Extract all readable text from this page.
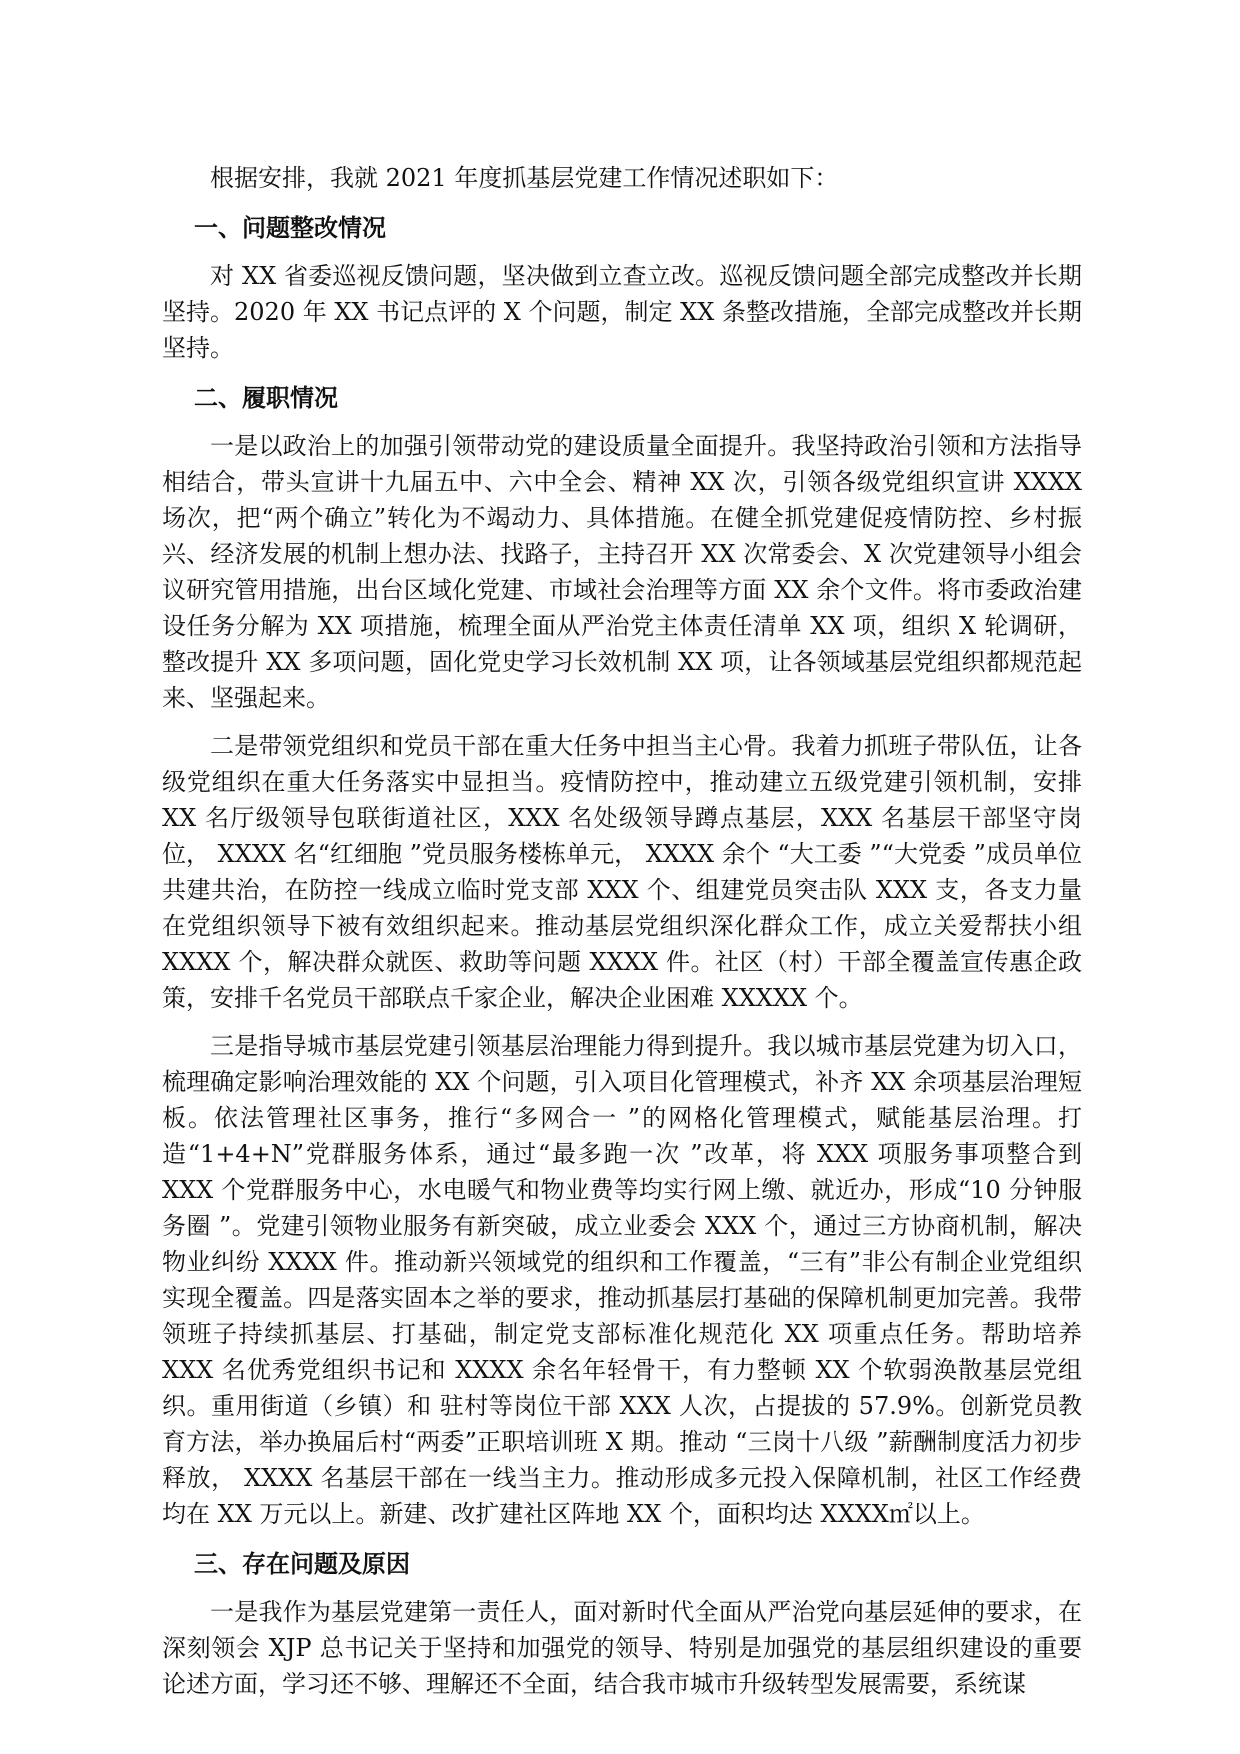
根据安排，我就 2021 年度抓基层党建工作情况述职如下：

一、问题整改情况

对 XX 省委巡视反馈问题，坚决做到立查立改。巡视反馈问题全部完成整改并长期坚持。2020 年 XX 书记点评的 X 个问题，制定 XX 条整改措施，全部完成整改并长期坚持。

二、履职情况

一是以政治上的加强引领带动党的建设质量全面提升。我坚持政治引领和方法指导相结合，带头宣讲十九届五中、六中全会、精神 XX 次，引领各级党组织宣讲 XXXX 场次，把“两个确立”转化为不竭动力、具体措施。在健全抓党建促疫情防控、乡村振兴、经济发展的机制上想办法、找路子，主持召开 XX 次常委会、X 次党建领导小组会议研究管用措施，出台区域化党建、市域社会治理等方面 XX 余个文件。将市委政治建设任务分解为 XX 项措施，梳理全面从严治党主体责任清单 XX 项，组织 X 轮调研，整改提升 XX 多项问题，固化党史学习长效机制 XX 项，让各领域基层党组织都规范起来、坚强起来。

二是带领党组织和党员干部在重大任务中担当主心骨。我着力抓班子带队伍，让各级党组织在重大任务落实中显担当。疫情防控中，推动建立五级党建引领机制，安排 XX 名厅级领导包联街道社区，XXX 名处级领导蹲点基层，XXX 名基层干部坚守岗位， XXXX 名“红细胞 ”党员服务楼栋单元， XXXX 余个 “大工委 ”“大党委 ”成员单位共建共治，在防控一线成立临时党支部 XXX 个、组建党员突击队 XXX 支，各支力量在党组织领导下被有效组织起来。推动基层党组织深化群众工作，成立关爱帮扶小组 XXXX 个，解决群众就医、救助等问题 XXXX 件。社区（村）干部全覆盖宣传惠企政策，安排千名党员干部联点千家企业，解决企业困难 XXXXX 个。

三是指导城市基层党建引领基层治理能力得到提升。我以城市基层党建为切入口，梳理确定影响治理效能的 XX 个问题，引入项目化管理模式，补齐 XX 余项基层治理短板。依法管理社区事务，推行“多网合一 ”的网格化管理模式，赋能基层治理。打造“1+4+N”党群服务体系，通过“最多跑一次 ”改革，将 XXX 项服务事项整合到 XXX 个党群服务中心，水电暖气和物业费等均实行网上缴、就近办，形成“10 分钟服务圈 ”。党建引领物业服务有新突破，成立业委会 XXX 个，通过三方协商机制，解决物业纠纷 XXXX 件。推动新兴领域党的组织和工作覆盖，“三有”非公有制企业党组织实现全覆盖。四是落实固本之举的要求，推动抓基层打基础的保障机制更加完善。我带领班子持续抓基层、打基础，制定党支部标准化规范化 XX 项重点任务。帮助培养 XXX 名优秀党组织书记和 XXXX 余名年轻骨干，有力整顿 XX 个软弱涣散基层党组织。重用街道（乡镇）和 驻村等岗位干部 XXX 人次，占提拔的 57.9%。创新党员教育方法，举办换届后村“两委”正职培训班 X 期。推动 “三岗十八级 ”薪酬制度活力初步释放， XXXX 名基层干部在一线当主力。推动形成多元投入保障机制，社区工作经费均在 XX 万元以上。新建、改扩建社区阵地 XX 个，面积均达 XXXX㎡以上。

三、存在问题及原因

一是我作为基层党建第一责任人，面对新时代全面从严治党向基层延伸的要求，在深刻领会 XJP 总书记关于坚持和加强党的领导、特别是加强党的基层组织建设的重要论述方面，学习还不够、理解还不全面，结合我市城市升级转型发展需要，系统谋
